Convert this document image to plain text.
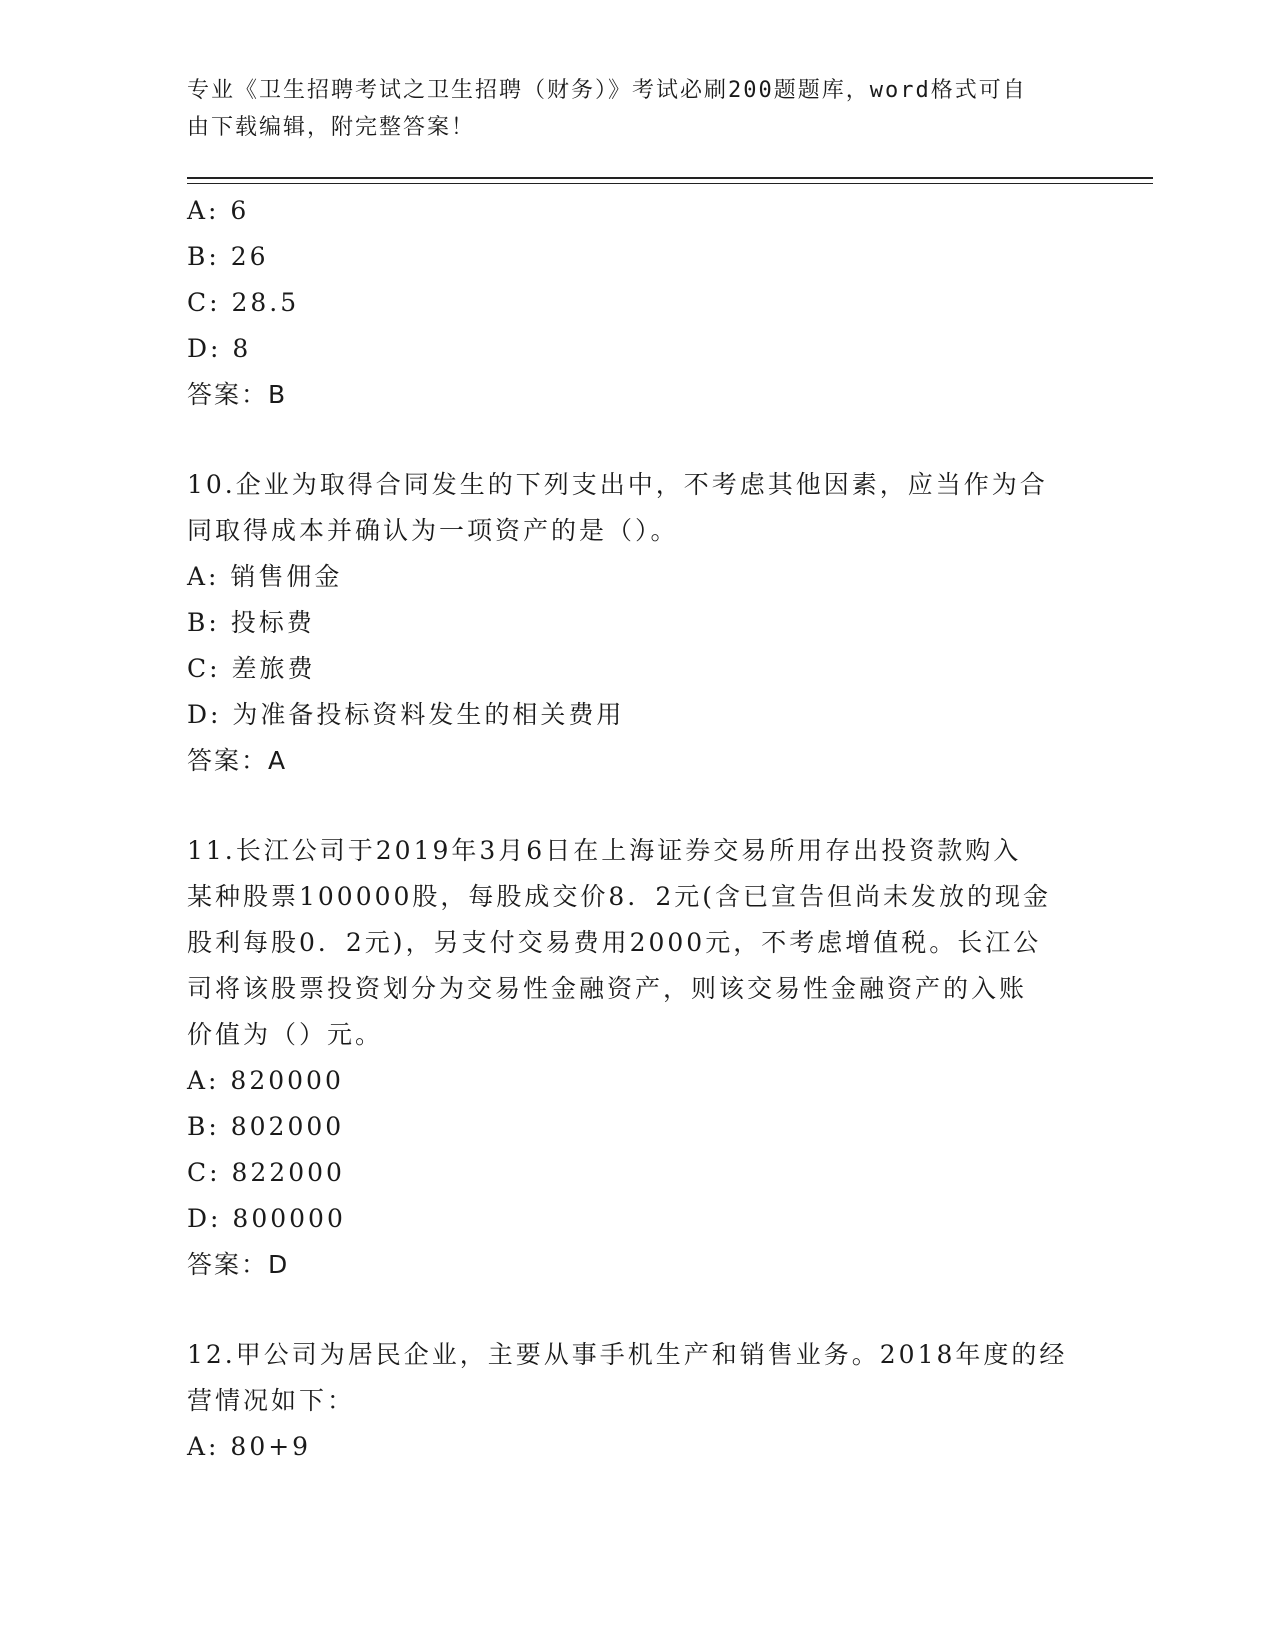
专业《卫生招聘考试之卫生招聘（财务）》考试必刷200题题库，word格式可自
由下载编辑，附完整答案！
A: 6
B: 26
C: 28.5
D: 8
答案：B
10.企业为取得合同发生的下列支出中，不考虑其他因素，应当作为合
同取得成本并确认为一项资产的是（）。
A: 销售佣金
B: 投标费
C: 差旅费
D: 为准备投标资料发生的相关费用
答案：A
11.长江公司于2019年3月6日在上海证券交易所用存出投资款购入
某种股票100000股，每股成交价8．2元(含已宣告但尚未发放的现金
股利每股0．2元)，另支付交易费用2000元，不考虑增值税。长江公
司将该股票投资划分为交易性金融资产，则该交易性金融资产的入账
价值为（）元。
A: 820000
B: 802000
C: 822000
D: 800000
答案：D
12.甲公司为居民企业，主要从事手机生产和销售业务。2018年度的经
营情况如下：
A: 80+9
